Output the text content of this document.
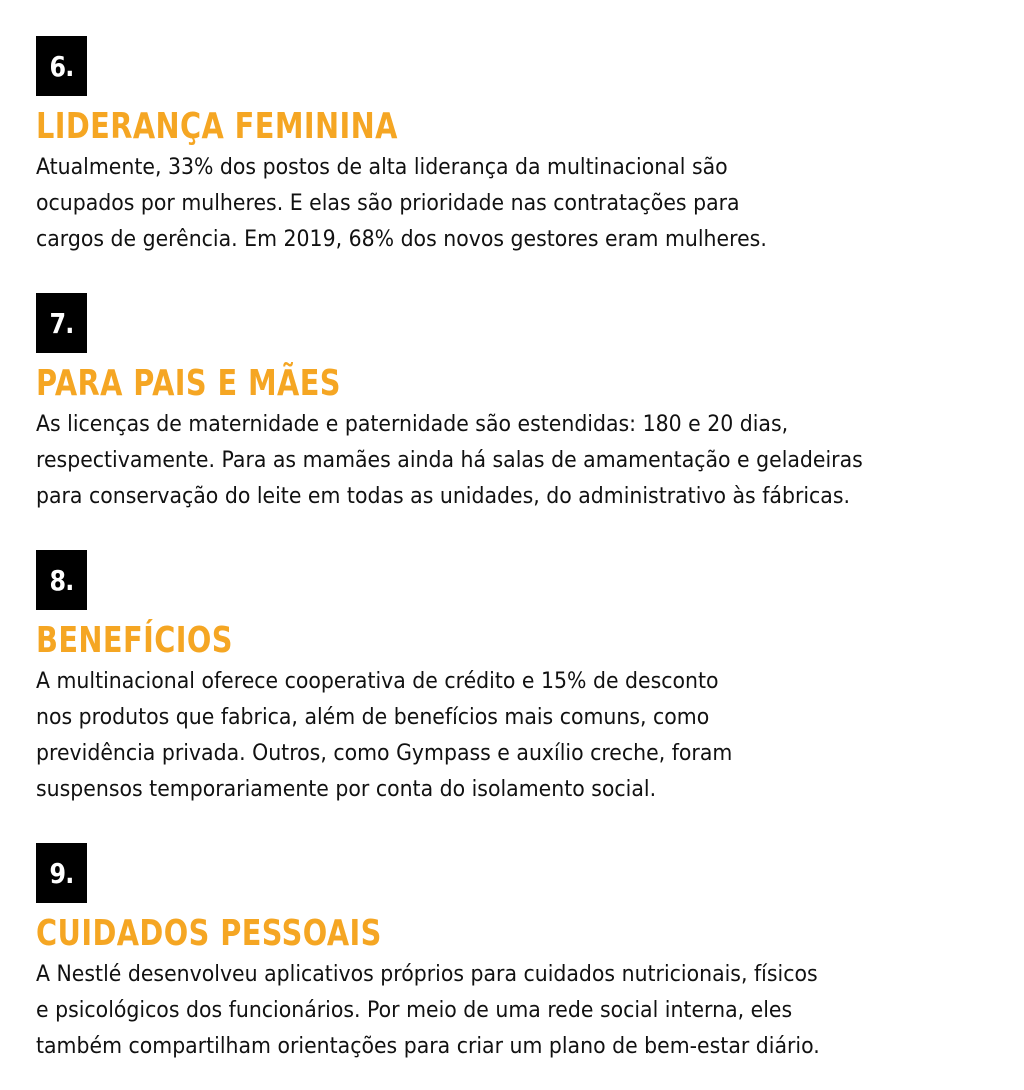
6.
LIDERANÇA FEMININA

Atualmente, 33% dos postos de alta liderança da multinacional são
ocupados por mulheres. E elas são prioridade nas contratações para
cargos de gerência. Em 2019, 68% dos novos gestores eram mulheres.

7.
PARA PAIS E MÃES

As licenças de maternidade e paternidade são estendidas: 180 e 20 dias,
respectivamente. Para as mamães ainda há salas de amamentação e geladeiras
para conservação do leite em todas as unidades, do administrativo às fábricas.

8.
BENEFÍCIOS

A multinacional oferece cooperativa de crédito e 15% de desconto
nos produtos que fabrica, além de benefícios mais comuns, como
previdência privada. Outros, como Gympass e auxílio creche, foram
suspensos temporariamente por conta do isolamento social.

9.
CUIDADOS PESSOAIS

A Nestlé desenvolveu aplicativos próprios para cuidados nutricionais, físicos
e psicológicos dos funcionários. Por meio de uma rede social interna, eles
também compartilham orientações para criar um plano de bem-estar diário.
